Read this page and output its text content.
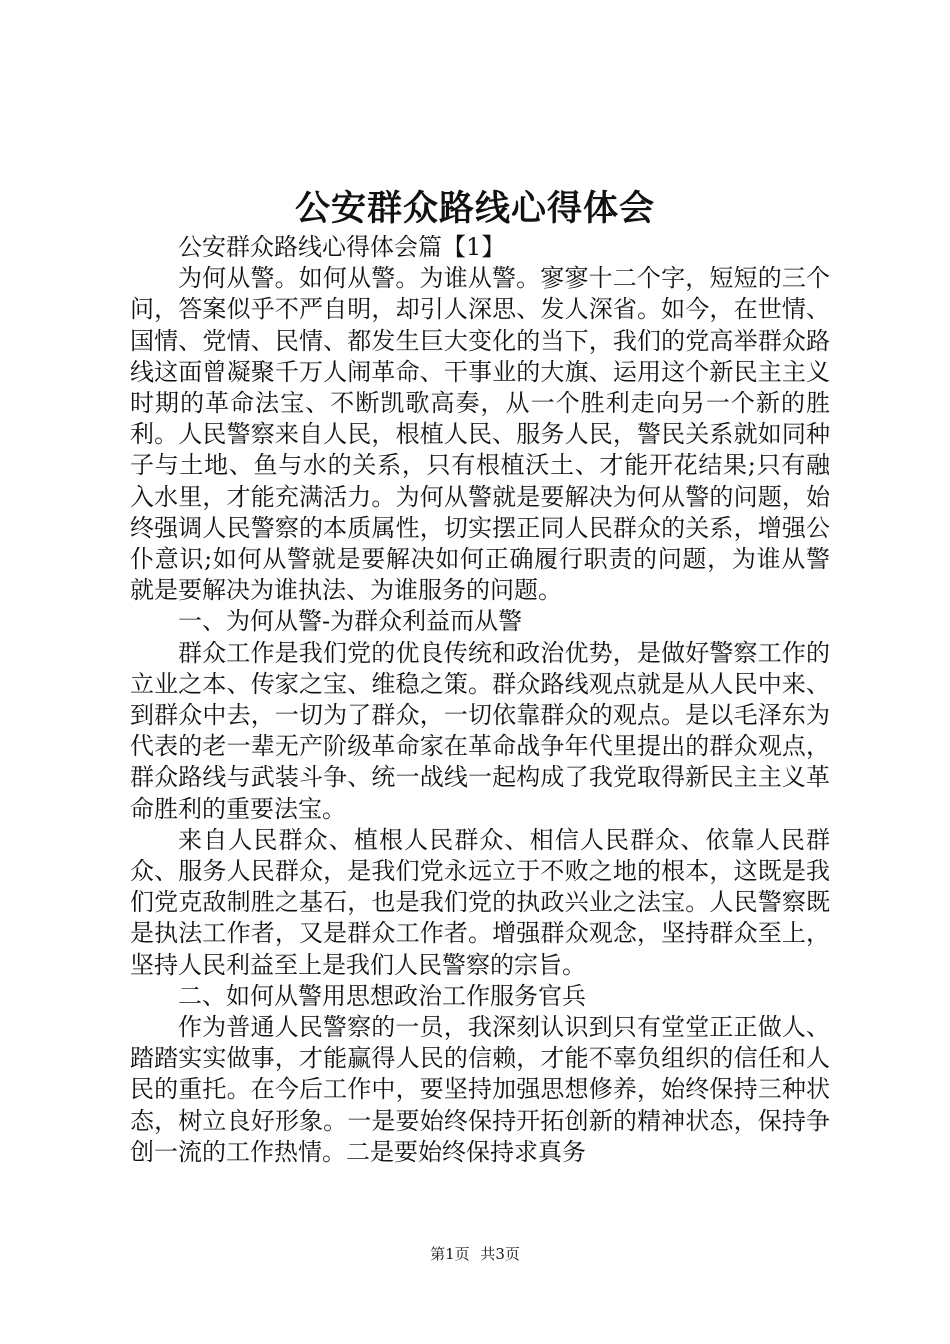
公安群众路线心得体会

公安群众路线心得体会篇【1】

为何从警。如何从警。为谁从警。寥寥十二个字，短短的三个问，答案似乎不严自明，却引人深思、发人深省。如今，在世情、国情、党情、民情、都发生巨大变化的当下，我们的党高举群众路线这面曾凝聚千万人闹革命、干事业的大旗、运用这个新民主主义时期的革命法宝、不断凯歌高奏，从一个胜利走向另一个新的胜利。人民警察来自人民，根植人民、服务人民，警民关系就如同种子与土地、鱼与水的关系，只有根植沃土、才能开花结果;只有融入水里，才能充满活力。为何从警就是要解决为何从警的问题，始终强调人民警察的本质属性，切实摆正同人民群众的关系，增强公仆意识;如何从警就是要解决如何正确履行职责的问题，为谁从警就是要解决为谁执法、为谁服务的问题。

一、为何从警-为群众利益而从警

群众工作是我们党的优良传统和政治优势，是做好警察工作的立业之本、传家之宝、维稳之策。群众路线观点就是从人民中来、到群众中去，一切为了群众，一切依靠群众的观点。是以毛泽东为代表的老一辈无产阶级革命家在革命战争年代里提出的群众观点，群众路线与武装斗争、统一战线一起构成了我党取得新民主主义革命胜利的重要法宝。

来自人民群众、植根人民群众、相信人民群众、依靠人民群众、服务人民群众，是我们党永远立于不败之地的根本，这既是我们党克敌制胜之基石，也是我们党的执政兴业之法宝。人民警察既是执法工作者，又是群众工作者。增强群众观念，坚持群众至上，坚持人民利益至上是我们人民警察的宗旨。

二、如何从警用思想政治工作服务官兵

作为普通人民警察的一员，我深刻认识到只有堂堂正正做人、踏踏实实做事，才能赢得人民的信赖，才能不辜负组织的信任和人民的重托。在今后工作中，要坚持加强思想修养，始终保持三种状态，树立良好形象。一是要始终保持开拓创新的精神状态，保持争创一流的工作热情。二是要始终保持求真务

第1页 共3页
